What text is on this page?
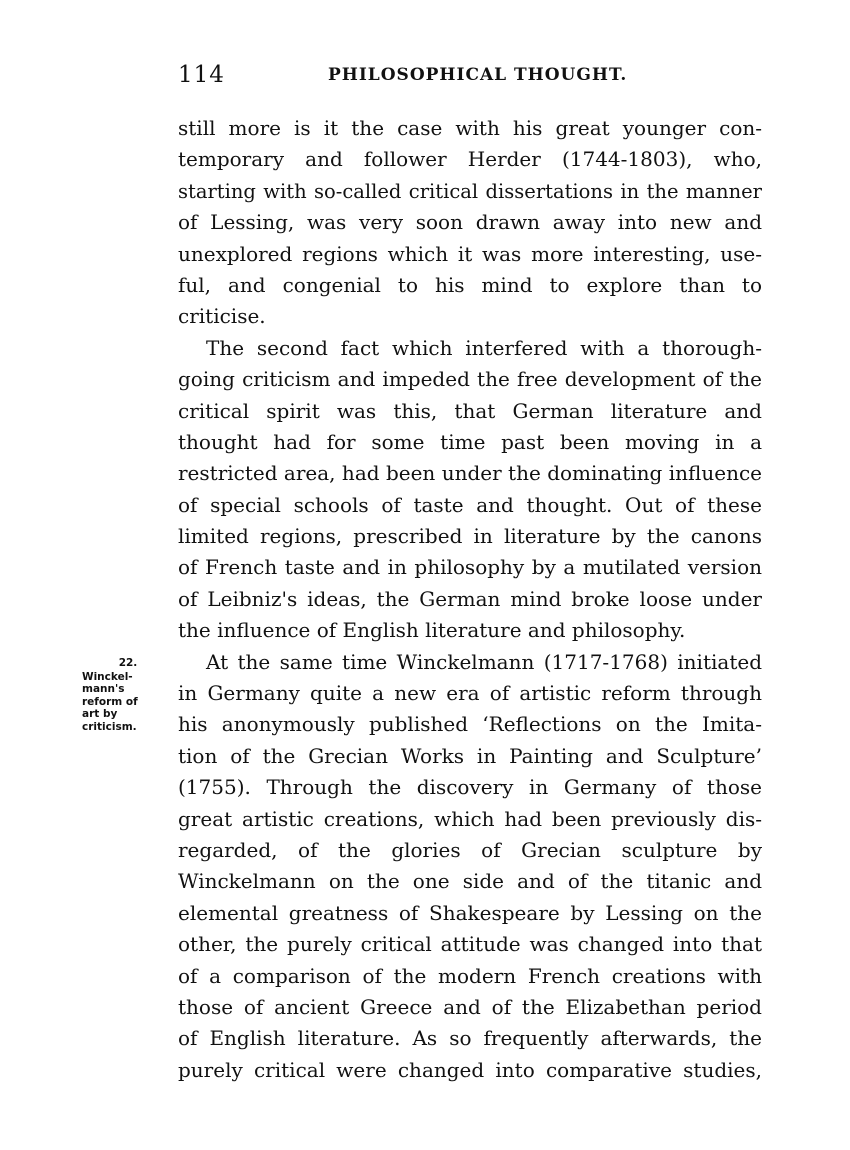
114	PHILOSOPHICAL THOUGHT.
22.
Winckel-
mann's
reform of
art by
criticism.
still more is it the case with his great younger con-
temporary and follower Herder (1744-1803), who,
starting with so-called critical dissertations in the manner
of Lessing, was very soon drawn away into new and
unexplored regions which it was more interesting, use-
ful, and congenial to his mind to explore than to
criticise.
The second fact which interfered with a thorough-
going criticism and impeded the free development of the
critical spirit was this, that German literature and
thought had for some time past been moving in a
restricted area, had been under the dominating influence
of special schools of taste and thought. Out of these
limited regions, prescribed in literature by the canons
of French taste and in philosophy by a mutilated version
of Leibniz's ideas, the German mind broke loose under
the influence of English literature and philosophy.
At the same time Winckelmann (1717-1768) initiated
in Germany quite a new era of artistic reform through
his anonymously published ‘Reflections on the Imita-
tion of the Grecian Works in Painting and Sculpture’
(1755). Through the discovery in Germany of those
great artistic creations, which had been previously dis-
regarded, of the glories of Grecian sculpture by
Winckelmann on the one side and of the titanic and
elemental greatness of Shakespeare by Lessing on the
other, the purely critical attitude was changed into that
of a comparison of the modern French creations with
those of ancient Greece and of the Elizabethan period
of English literature. As so frequently afterwards, the
purely critical were changed into comparative studies,
